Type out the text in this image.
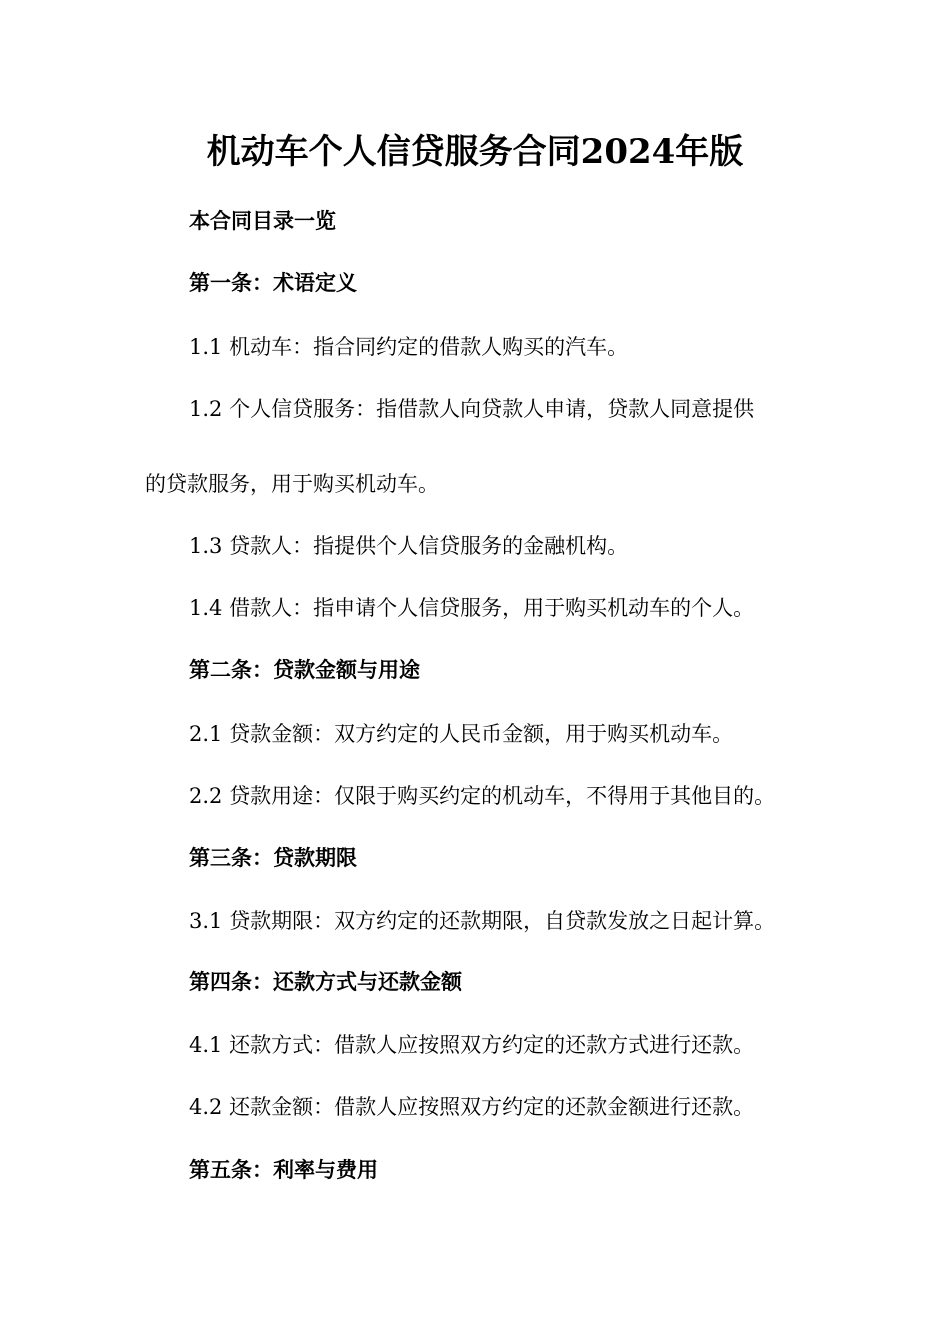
机动车个人信贷服务合同2024年版
本合同目录一览
第一条：术语定义
1.1 机动车：指合同约定的借款人购买的汽车。
1.2 个人信贷服务：指借款人向贷款人申请，贷款人同意提供
的贷款服务，用于购买机动车。
1.3 贷款人：指提供个人信贷服务的金融机构。
1.4 借款人：指申请个人信贷服务，用于购买机动车的个人。
第二条：贷款金额与用途
2.1 贷款金额：双方约定的人民币金额，用于购买机动车。
2.2 贷款用途：仅限于购买约定的机动车，不得用于其他目的。
第三条：贷款期限
3.1 贷款期限：双方约定的还款期限，自贷款发放之日起计算。
第四条：还款方式与还款金额
4.1 还款方式：借款人应按照双方约定的还款方式进行还款。
4.2 还款金额：借款人应按照双方约定的还款金额进行还款。
第五条：利率与费用
